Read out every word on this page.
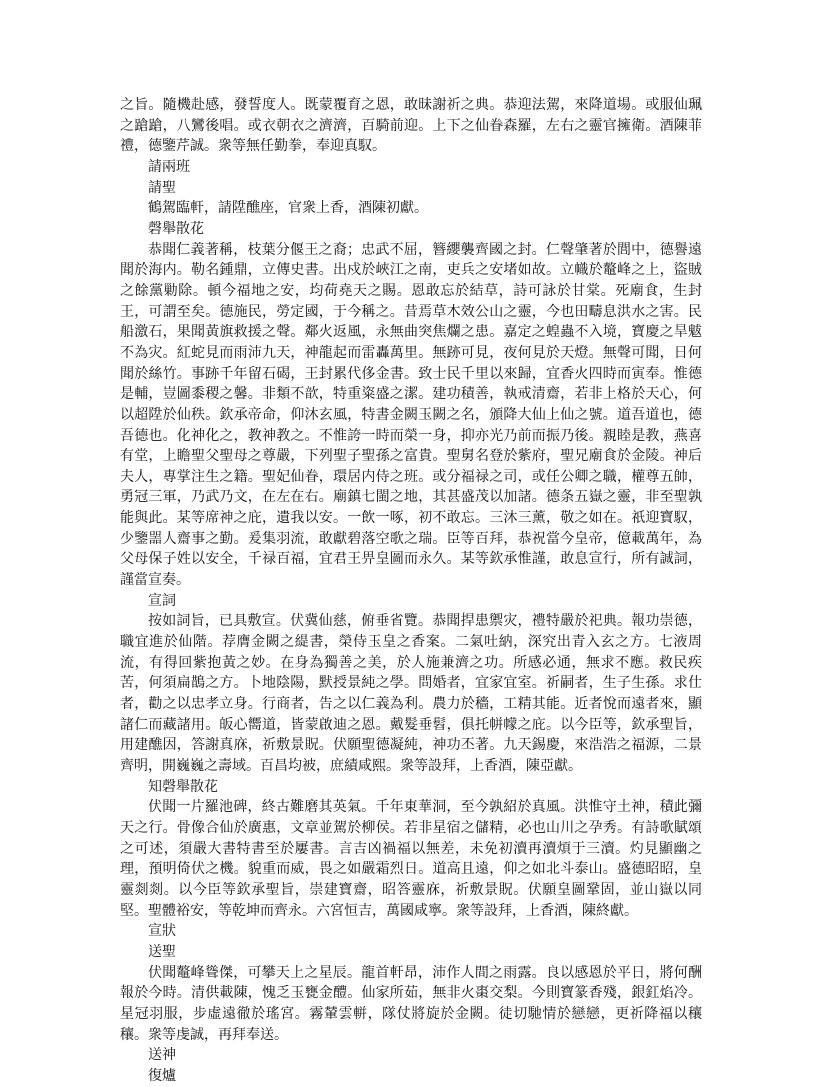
之旨。隨機赴感，發誓度人。既蒙覆育之恩，敢昧謝祈之典。恭迎法駕，來降道場。或服仙珮之蹌蹌，八鸞後唱。或衣朝衣之濟濟，百騎前迎。上下之仙眷森羅，左右之靈官擁衛。酒陳菲禮，德鑒芹誠。衆等無任勤拳，奉迎真馭。

請兩班

請聖

鶴駕臨軒，請陞醮座，官衆上香，酒陳初獻。

磬舉散花

恭聞仁義著稱，枝葉分偃王之裔；忠武不屈，簪纓襲齊國之封。仁聲肇著於閭中，德譽遠聞於海内。勒名鍾鼎，立傳史書。出戍於峽江之南，吏兵之安堵如故。立幟於鼇峰之上，盜賊之餘黨勦除。頓今福地之安，均荷堯天之賜。恩敢忘於結草，詩可詠於甘棠。死廟食，生封王，可謂至矣。德施民，勞定國，于今稱之。昔焉草木效公山之靈，今也田疇息洪水之害。民船激石，果聞黃旗救援之聲。鄰火返風，永無曲突焦爛之患。嘉定之蝗蟲不入境，寶慶之旱魃不為灾。紅蛇見而雨沛九天，神龍起而雷轟萬里。無跡可見，夜何見於天燈。無聲可聞，日何聞於絲竹。事跡千年留石碣，王封累代侈金書。致士民千里以來歸，宜香火四時而寅奉。惟德是輔，豈圖黍稷之馨。非類不歆，特重粢盛之潔。建功積善，執戒清齋，若非上格於天心，何以超陞於仙秩。欽承帝命，仰沐玄風，特書金闕玉闕之名，頒降大仙上仙之號。道吾道也，德吾德也。化神化之，教神教之。不惟誇一時而榮一身，抑亦光乃前而振乃後。親睦是教，燕喜有堂，上瞻聖父聖母之尊嚴，下列聖子聖孫之富貴。聖舅名登於紫府，聖兄廟食於金陵。神后夫人，專掌注生之籍。聖妃仙眷，環居内侍之班。或分福禄之司，或任公卿之職，權尊五帥，勇冠三軍，乃武乃文，在左在右。廟鎮七閩之地，其甚盛茂以加諸。德条五嶽之靈，非至聖孰能與此。某等席神之庇，遺我以安。一飲一啄，初不敢忘。三沐三薰，敬之如在。祇迎寶馭，少鑒噐人齋事之勤。爰集羽流，敢獻碧落空歌之瑞。臣等百拜，恭祝當今皇帝，億載萬年，為父母保子姓以安全，千禄百福，宜君王畀皇圖而永久。某等欽承惟謹，敢息宣行，所有誠詞，謹當宣奏。

宣詞

按如詞旨，已具敷宣。伏冀仙慈，俯垂省覽。恭聞捍患禦灾，禮特嚴於祀典。報功崇德，職宜進於仙階。荐膺金闕之緹書，榮侍玉皇之香案。二氣吐納，深究出青入玄之方。七液周流，有得回紫抱黃之妙。在身為獨善之美，於人施兼濟之功。所感必通，無求不應。救民疾苦，何須扁鵲之方。卜地陰陽，默授景純之學。問婚者，宜家宜室。祈嗣者，生子生孫。求仕者，勸之以忠孝立身。行商者，告之以仁義為利。農力於穡，工精其能。近者悅而遠者來，顯諸仁而藏諸用。皈心嚮道，皆蒙啟迪之恩。戴髮垂髫，俱托帡幪之庇。以今臣等，欽承聖旨，用建醮因，答謝真庥，祈敷景貺。伏願聖德凝純，神功丕著。九天錫慶，來浩浩之福源，二景齊明，開巍巍之壽域。百昌均被，庶績咸熙。衆等設拜，上香酒，陳亞獻。

知磬舉散花

伏聞一片羅池碑，終古難磨其英氣。千年東華洞，至今孰紹於真風。洪惟守土神，積此彌天之行。骨像合仙於廣惠，文章並駕於柳侯。若非星宿之儲精，必也山川之孕秀。有詩歌賦頌之可述，須嚴大書特書至於屢書。言吉凶禍福以無差，未免初瀆再瀆煩于三瀆。灼見顯幽之理，預明倚伏之機。貌重而威，畏之如嚴霜烈日。道高且遠，仰之如北斗泰山。盛德昭昭，皇靈剡剡。以今臣等欽承聖旨，崇建寶齋，昭答靈庥，祈敷景貺。伏願皇圖鞏固，並山嶽以同堅。聖體裕安，等乾坤而齊永。六宮恒吉，萬國咸寧。衆等設拜，上香酒，陳終獻。

宣狀

送聖

伏聞鼇峰聳傑，可攀天上之星辰。龍首軒昂，沛作人間之雨露。良以感恩於平日，將何酬報於今時。清供載陳，愧乏玉甕金醴。仙家所茹，無非火棗交梨。今則寶篆香殘，銀釭焰冷。星冠羽服，步虛遠徹於瑤宮。霧輦雲軿，隊仗將旋於金闕。徒切馳情於戀戀，更祈降福以穰穰。衆等虔誠，再拜奉送。

送神

復爐
